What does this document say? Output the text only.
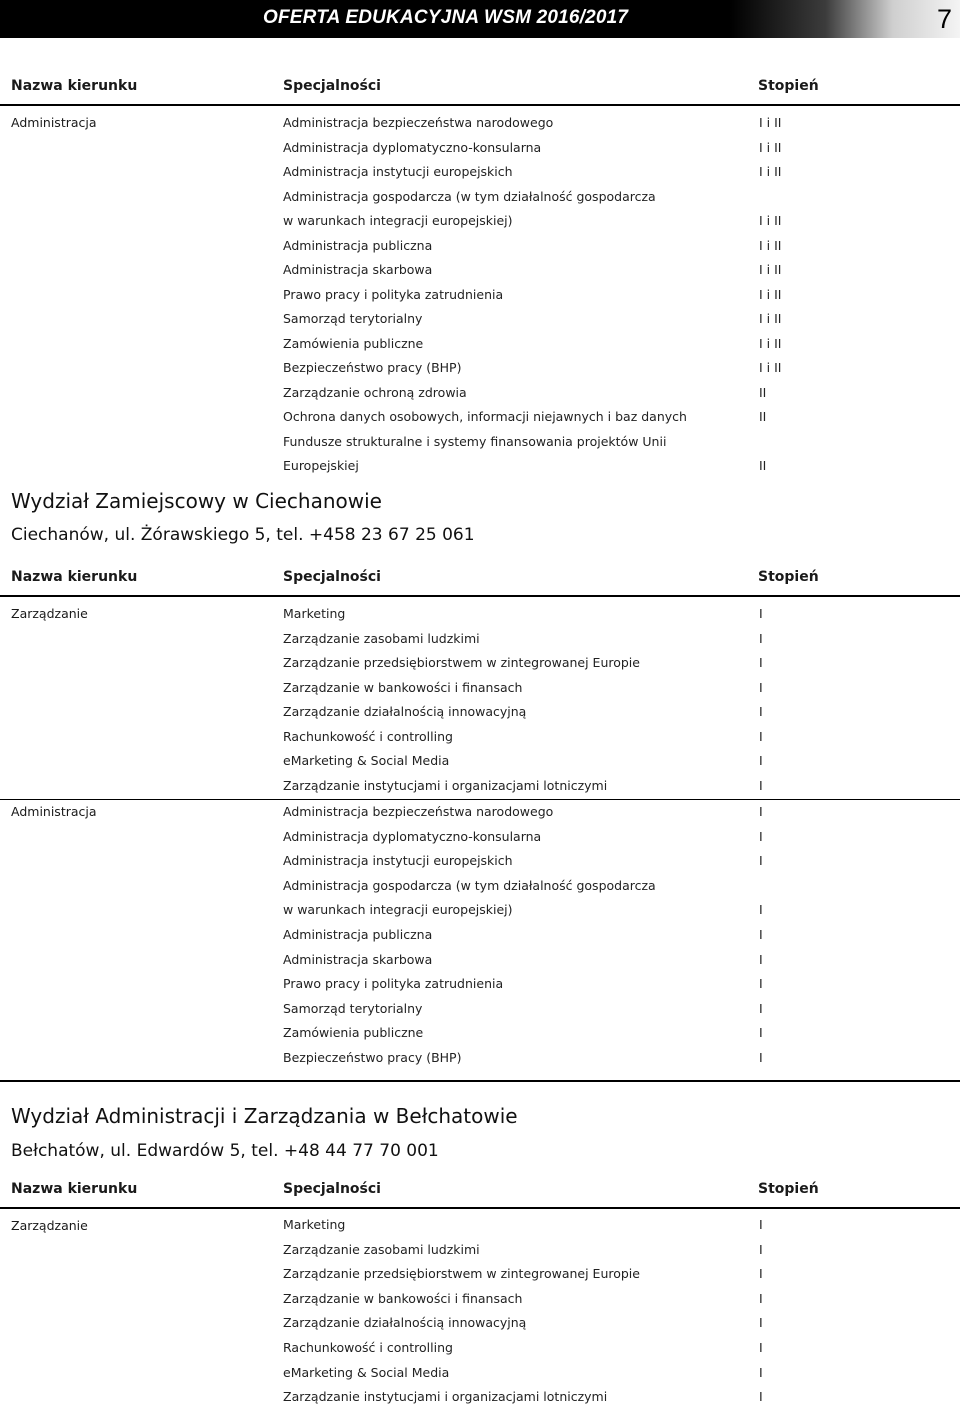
OFERTA EDUKACYJNA WSM 2016/2017	7
Nazwa kierunku	Specjalności	Stopień
Administracja	Administracja bezpieczeństwa narodowego	I i II
Administracja dyplomatyczno-konsularna	I i II
Administracja instytucji europejskich	I i II
Administracja gospodarcza (w tym działalność gospodarcza
w warunkach integracji europejskiej)	I i II
Administracja publiczna	I i II
Administracja skarbowa	I i II
Prawo pracy i polityka zatrudnienia	I i II
Samorząd terytorialny	I i II
Zamówienia publiczne	I i II
Bezpieczeństwo pracy (BHP)	I i II
Zarządzanie ochroną zdrowia	II
Ochrona danych osobowych, informacji niejawnych i baz danych	II
Fundusze strukturalne i systemy finansowania projektów Unii
Europejskiej	II
Wydział Zamiejscowy w Ciechanowie
Ciechanów, ul. Żórawskiego 5, tel. +458 23 67 25 061
Nazwa kierunku	Specjalności	Stopień
Zarządzanie	Marketing	I
Zarządzanie zasobami ludzkimi	I
Zarządzanie przedsiębiorstwem w zintegrowanej Europie	I
Zarządzanie w bankowości i finansach	I
Zarządzanie działalnością innowacyjną	I
Rachunkowość i controlling	I
eMarketing & Social Media	I
Zarządzanie instytucjami i organizacjami lotniczymi	I
Administracja	Administracja bezpieczeństwa narodowego	I
Administracja dyplomatyczno-konsularna	I
Administracja instytucji europejskich	I
Administracja gospodarcza (w tym działalność gospodarcza
w warunkach integracji europejskiej)	I
Administracja publiczna	I
Administracja skarbowa	I
Prawo pracy i polityka zatrudnienia	I
Samorząd terytorialny	I
Zamówienia publiczne	I
Bezpieczeństwo pracy (BHP)	I
Wydział Administracji i Zarządzania w Bełchatowie
Bełchatów, ul. Edwardów 5, tel. +48 44 77 70 001
Nazwa kierunku	Specjalności	Stopień
Zarządzanie	Marketing	I
Zarządzanie zasobami ludzkimi	I
Zarządzanie przedsiębiorstwem w zintegrowanej Europie	I
Zarządzanie w bankowości i finansach	I
Zarządzanie działalnością innowacyjną	I
Rachunkowość i controlling	I
eMarketing & Social Media	I
Zarządzanie instytucjami i organizacjami lotniczymi	I
